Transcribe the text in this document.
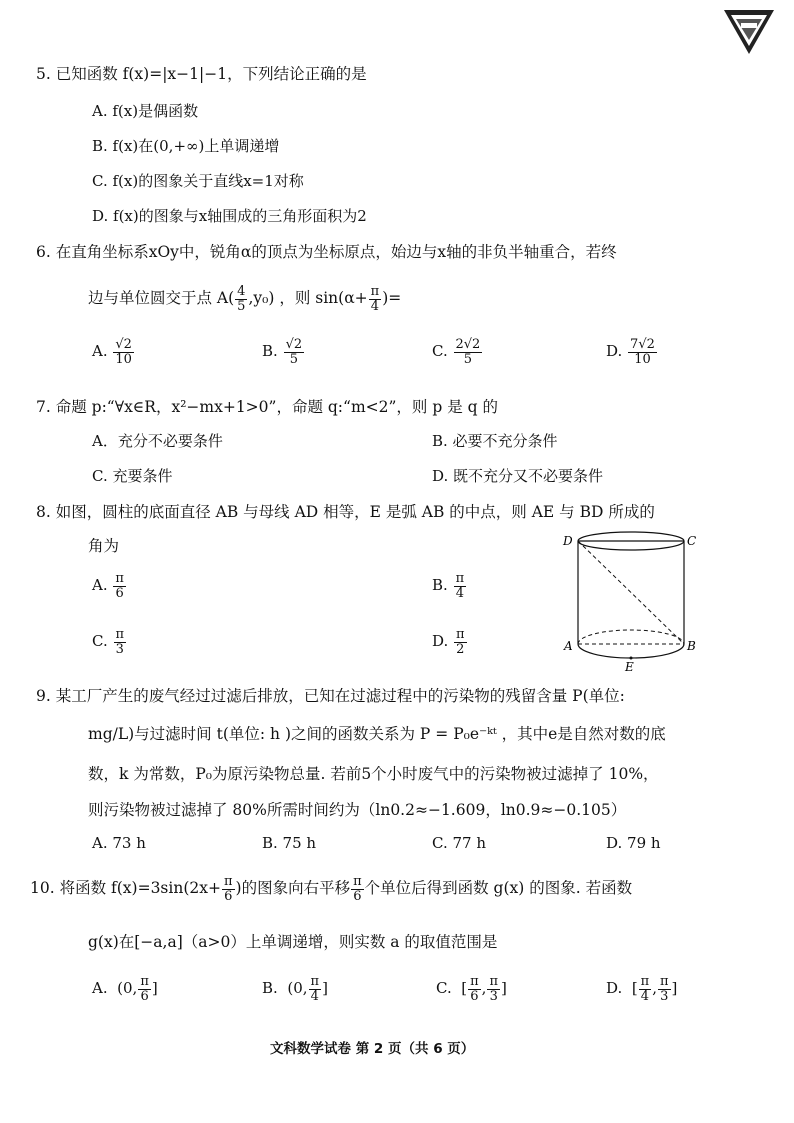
5. 已知函数 f(x)=|x−1|−1，下列结论正确的是
A. f(x)是偶函数
B. f(x)在(0,+∞)上单调递增
C. f(x)的图象关于直线x=1对称
D. f(x)的图象与x轴围成的三角形面积为2
6. 在直角坐标系xOy中，锐角α的顶点为坐标原点，始边与x轴的非负半轴重合，若终
边与单位圆交于点 $A( \frac{4}{5} ,y_0)$ ，则 $\sin(\alpha+ \frac{\pi}{4}$ )=
A. $\frac{√2}{10}$	B. $\frac{√2}{5}$	C. $\frac{2√2}{5}$	D. $\frac{7√2}{10}$
7. 命题 p:“∀x∈R，x²−mx+1>0”，命题 q:“m<2”，则 p 是 q 的
A．充分不必要条件	B. 必要不充分条件
C. 充要条件	D. 既不充分又不必要条件
8. 如图，圆柱的底面直径 AB 与母线 AD 相等，E 是弧 AB 的中点，则 AE 与 BD 所成的
角为
A. $\frac{\pi}{6}$	B. $\frac{\pi}{4}$
C. $\frac{\pi}{3}$	D. $\frac{\pi}{2}$
D	C
A	B
E
9. 某工厂产生的废气经过过滤后排放，已知在过滤过程中的污染物的残留含量 P(单位:
mg/L)与过滤时间 t(单位: h )之间的函数关系为 P = P₀e⁻ᵏᵗ ，其中e是自然对数的底
数，k 为常数，P₀为原污染物总量. 若前5个小时废气中的污染物被过滤掉了 10%，
则污染物被过滤掉了 80%所需时间约为（ln0.2≈−1.609，ln0.9≈−0.105）
A. 73 h	B. 75 h	C. 77 h	D. 79 h
10. 将函数 $f(x)=3\sin(2x+ \frac{\pi}{6}$ )的图象向右平移 $\frac{\pi}{6}$ 个单位后得到函数 g(x) 的图象. 若函数
g(x)在[−a,a]（a>0）上单调递增，则实数 a 的取值范围是
A. (0, $\frac{\pi}{6}$ ]	B. (0, $\frac{\pi}{4}$ ]	C. [ $\frac{\pi}{6}$ , $\frac{\pi}{3}$ ]	D. [ $\frac{\pi}{4}$ , $\frac{\pi}{3}$ ]
文科数学试卷 第 2 页（共 6 页）
